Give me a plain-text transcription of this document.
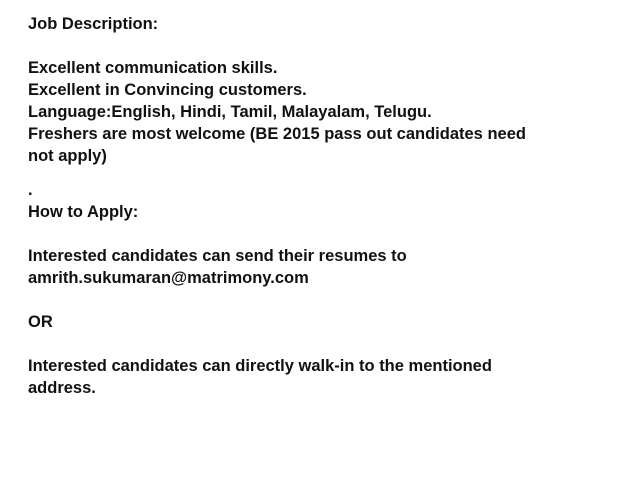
Job Description:
Excellent communication skills.
Excellent in Convincing customers.
Language:English, Hindi, Tamil, Malayalam, Telugu.
Freshers are most welcome (BE 2015 pass out candidates need
not apply)
.
How to Apply:
Interested candidates can send their resumes to
amrith.sukumaran@matrimony.com
OR
Interested candidates can directly walk-in to the mentioned
address.
